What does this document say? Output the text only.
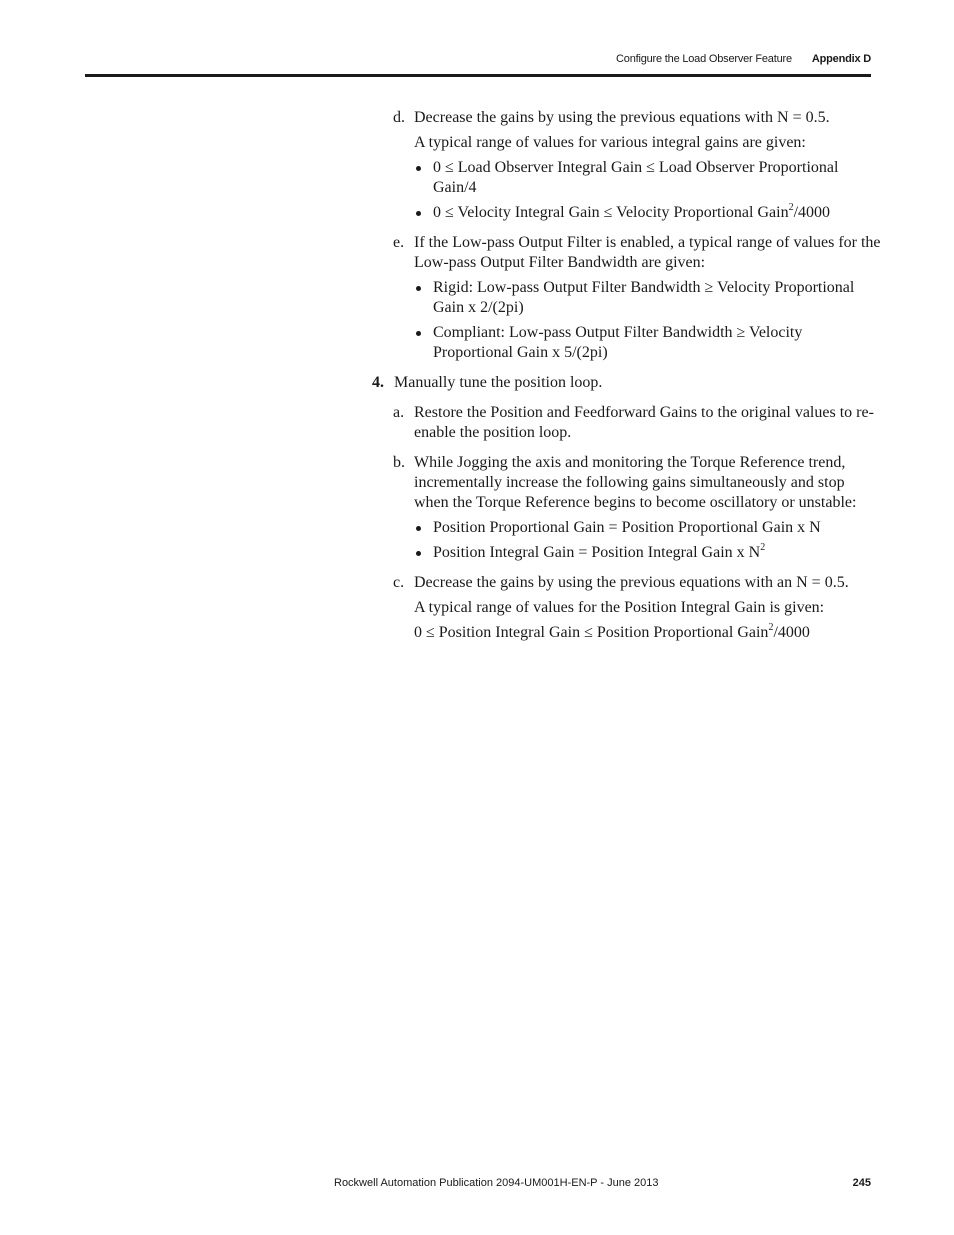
Configure the Load Observer Feature Appendix D
d. Decrease the gains by using the previous equations with N = 0.5.
A typical range of values for various integral gains are given:
0 ≤ Load Observer Integral Gain ≤ Load Observer Proportional
Gain/4
0 ≤ Velocity Integral Gain ≤ Velocity Proportional Gain$^2$/4000
e. If the Low-pass Output Filter is enabled, a typical range of values for the
Low-pass Output Filter Bandwidth are given:
Rigid: Low-pass Output Filter Bandwidth ≥ Velocity Proportional
Gain x 2/(2pi)
Compliant: Low-pass Output Filter Bandwidth ≥ Velocity
Proportional Gain x 5/(2pi)
4. Manually tune the position loop.
a. Restore the Position and Feedforward Gains to the original values to re-
enable the position loop.
b. While Jogging the axis and monitoring the Torque Reference trend,
incrementally increase the following gains simultaneously and stop
when the Torque Reference begins to become oscillatory or unstable:
Position Proportional Gain = Position Proportional Gain x N
Position Integral Gain = Position Integral Gain x $N^2$
c. Decrease the gains by using the previous equations with an N = 0.5.
A typical range of values for the Position Integral Gain is given:
0 ≤ Position Integral Gain ≤ Position Proportional Gain$^2$/4000
Rockwell Automation Publication 2094-UM001H-EN-P - June 2013	245
